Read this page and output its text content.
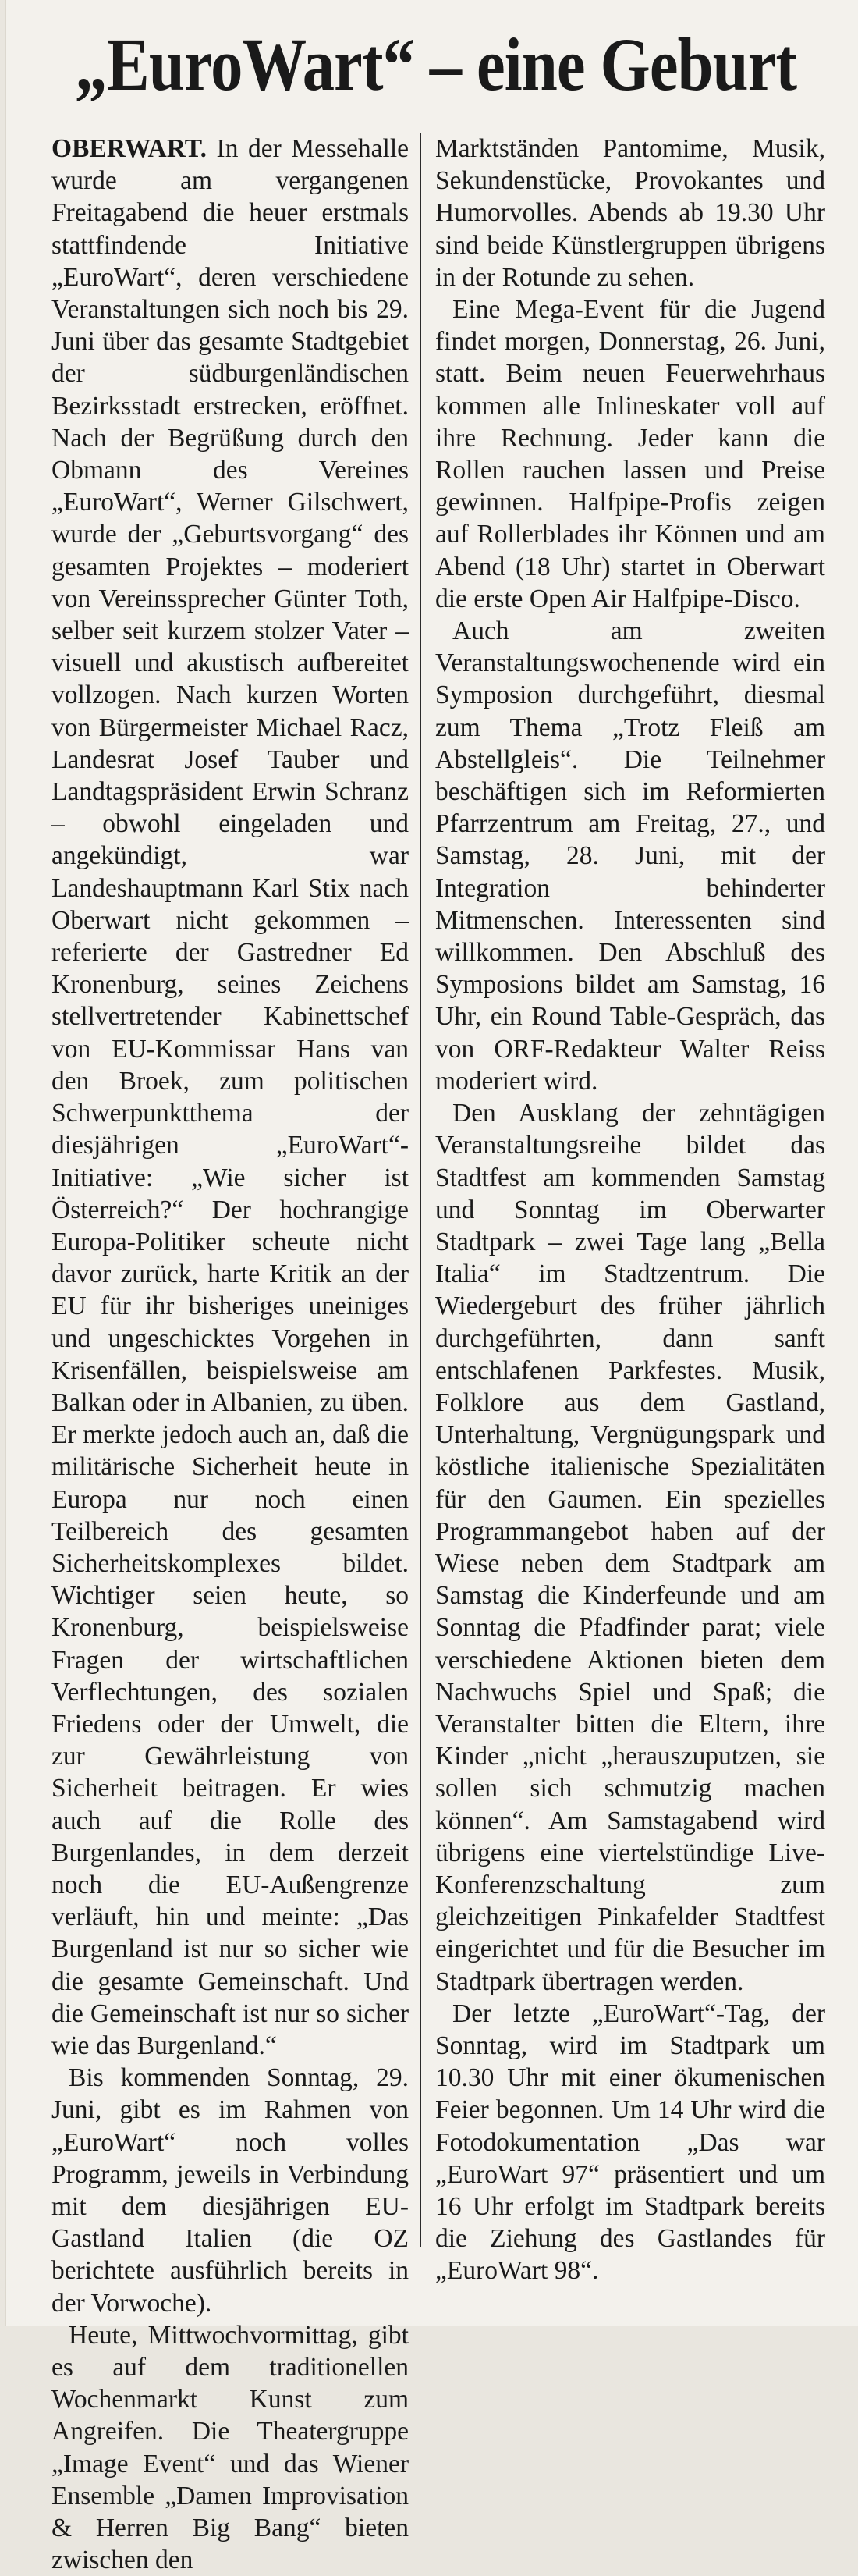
„EuroWart“ – eine Geburt

OBERWART. In der Messehalle wurde am vergangenen Freitagabend die heuer erstmals stattfindende Initiative „EuroWart“, deren verschiedene Veranstaltungen sich noch bis 29. Juni über das gesamte Stadtgebiet der südburgenländischen Bezirksstadt erstrecken, eröffnet. Nach der Begrüßung durch den Obmann des Vereines „EuroWart“, Werner Gilschwert, wurde der „Geburtsvorgang“ des gesamten Projektes – moderiert von Vereinssprecher Günter Toth, selber seit kurzem stolzer Vater – visuell und akustisch aufbereitet vollzogen. Nach kurzen Worten von Bürgermeister Michael Racz, Landesrat Josef Tauber und Landtagspräsident Erwin Schranz – obwohl eingeladen und angekündigt, war Landeshauptmann Karl Stix nach Oberwart nicht gekommen – referierte der Gastredner Ed Kronenburg, seines Zeichens stellvertretender Kabinettschef von EU-Kommissar Hans van den Broek, zum politischen Schwerpunktthema der diesjährigen „EuroWart“-Initiative: „Wie sicher ist Österreich?“ Der hochrangige Europa-Politiker scheute nicht davor zurück, harte Kritik an der EU für ihr bisheriges uneiniges und ungeschicktes Vorgehen in Krisenfällen, beispielsweise am Balkan oder in Albanien, zu üben. Er merkte jedoch auch an, daß die militärische Sicherheit heute in Europa nur noch einen Teilbereich des gesamten Sicherheitskomplexes bildet. Wichtiger seien heute, so Kronenburg, beispielsweise Fragen der wirtschaftlichen Verflechtungen, des sozialen Friedens oder der Umwelt, die zur Gewährleistung von Sicherheit beitragen. Er wies auch auf die Rolle des Burgenlandes, in dem derzeit noch die EU-Außengrenze verläuft, hin und meinte: „Das Burgenland ist nur so sicher wie die gesamte Gemeinschaft. Und die Gemeinschaft ist nur so sicher wie das Burgenland.“

Bis kommenden Sonntag, 29. Juni, gibt es im Rahmen von „EuroWart“ noch volles Programm, jeweils in Verbindung mit dem diesjährigen EU-Gastland Italien (die OZ berichtete ausführlich bereits in der Vorwoche).

Heute, Mittwochvormittag, gibt es auf dem traditionellen Wochenmarkt Kunst zum Angreifen. Die Theatergruppe „Image Event“ und das Wiener Ensemble „Damen Improvisation & Herren Big Bang“ bieten zwischen den

Marktständen Pantomime, Musik, Sekundenstücke, Provokantes und Humorvolles. Abends ab 19.30 Uhr sind beide Künstlergruppen übrigens in der Rotunde zu sehen.

Eine Mega-Event für die Jugend findet morgen, Donnerstag, 26. Juni, statt. Beim neuen Feuerwehrhaus kommen alle Inlineskater voll auf ihre Rechnung. Jeder kann die Rollen rauchen lassen und Preise gewinnen. Halfpipe-Profis zeigen auf Rollerblades ihr Können und am Abend (18 Uhr) startet in Oberwart die erste Open Air Halfpipe-Disco.

Auch am zweiten Veranstaltungswochenende wird ein Symposion durchgeführt, diesmal zum Thema „Trotz Fleiß am Abstellgleis“. Die Teilnehmer beschäftigen sich im Reformierten Pfarrzentrum am Freitag, 27., und Samstag, 28. Juni, mit der Integration behinderter Mitmenschen. Interessenten sind willkommen. Den Abschluß des Symposions bildet am Samstag, 16 Uhr, ein Round Table-Gespräch, das von ORF-Redakteur Walter Reiss moderiert wird.

Den Ausklang der zehntägigen Veranstaltungsreihe bildet das Stadtfest am kommenden Samstag und Sonntag im Oberwarter Stadtpark – zwei Tage lang „Bella Italia“ im Stadtzentrum. Die Wiedergeburt des früher jährlich durchgeführten, dann sanft entschlafenen Parkfestes. Musik, Folklore aus dem Gastland, Unterhaltung, Vergnügungspark und köstliche italienische Spezialitäten für den Gaumen. Ein spezielles Programmangebot haben auf der Wiese neben dem Stadtpark am Samstag die Kinderfeunde und am Sonntag die Pfadfinder parat; viele verschiedene Aktionen bieten dem Nachwuchs Spiel und Spaß; die Veranstalter bitten die Eltern, ihre Kinder „nicht „herauszuputzen, sie sollen sich schmutzig machen können“. Am Samstagabend wird übrigens eine viertelstündige Live-Konferenzschaltung zum gleichzeitigen Pinkafelder Stadtfest eingerichtet und für die Besucher im Stadtpark übertragen werden.

Der letzte „EuroWart“-Tag, der Sonntag, wird im Stadtpark um 10.30 Uhr mit einer ökumenischen Feier begonnen. Um 14 Uhr wird die Fotodokumentation „Das war „EuroWart 97“ präsentiert und um 16 Uhr erfolgt im Stadtpark bereits die Ziehung des Gastlandes für „EuroWart 98“.
